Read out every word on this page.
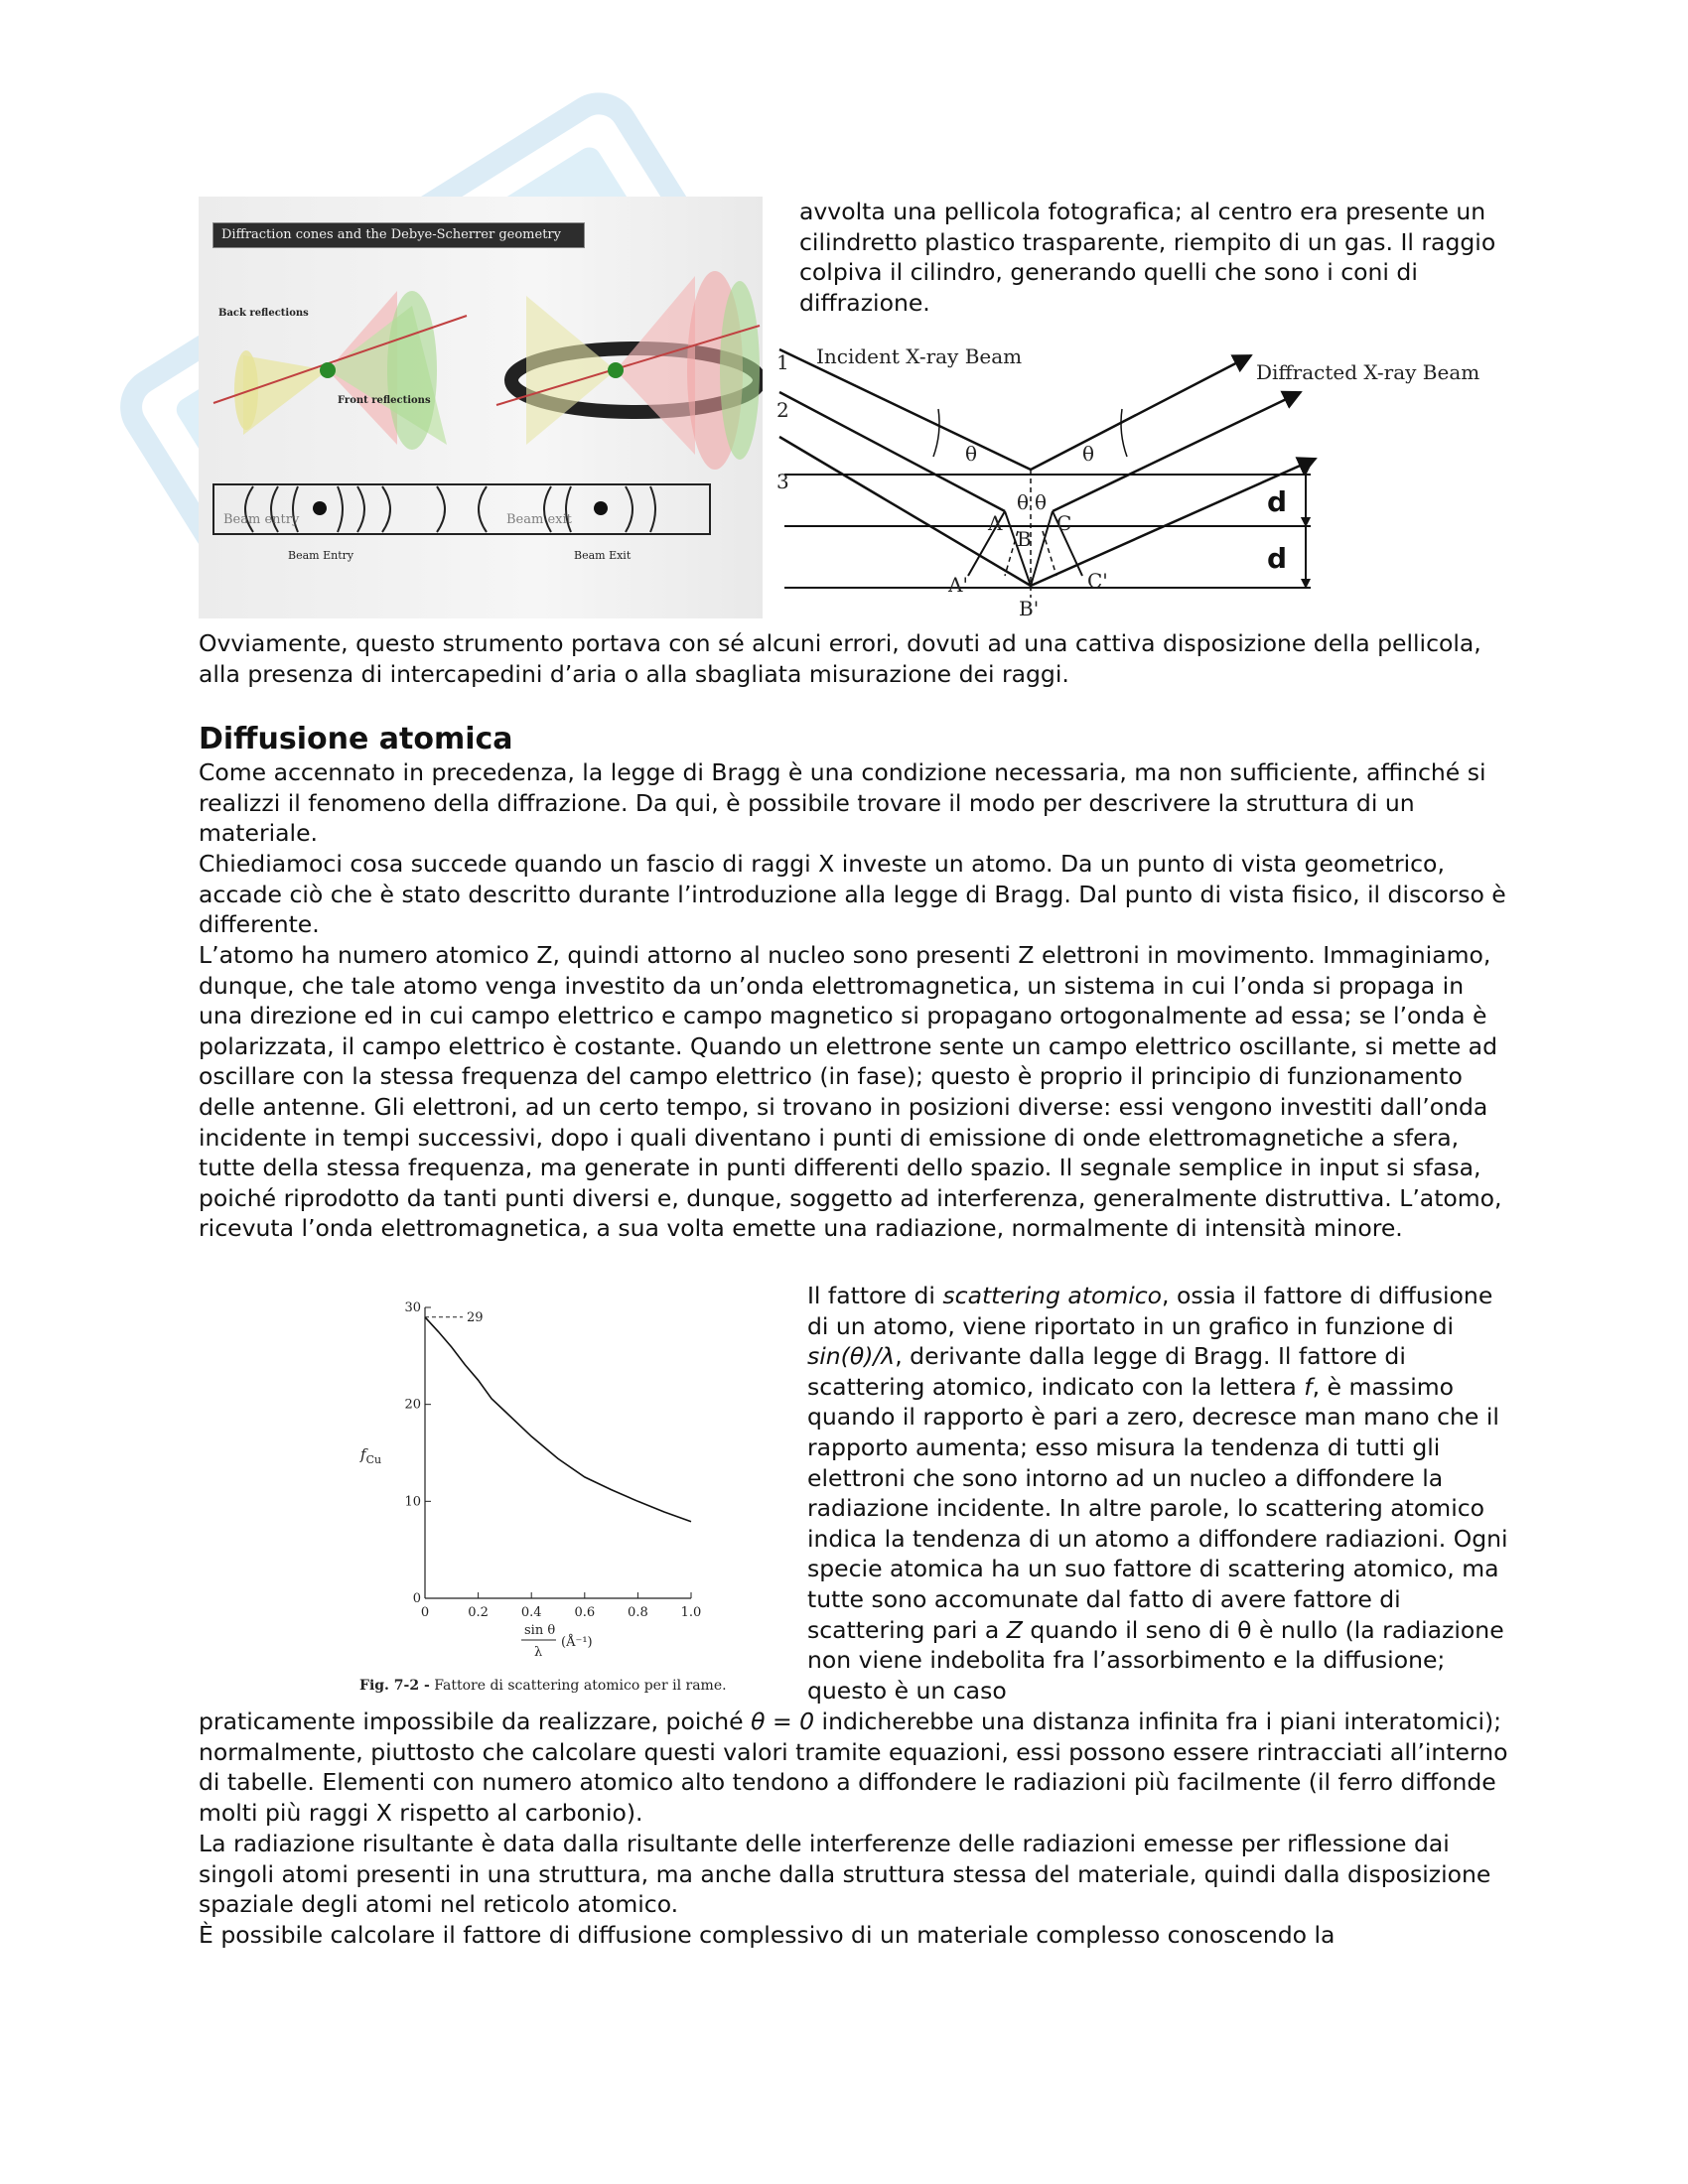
Diffraction cones and the Debye-Scherrer geometry
Back reflections
Front reflections
Beam entry	Beam exit
Beam Entry	Beam Exit

avvolta una pellicola fotografica; al centro era presente un cilindretto plastico trasparente, riempito di un gas. Il raggio colpiva il cilindro, generando quelli che sono i coni di diffrazione.

Incident X-ray Beam
Diffracted X-ray Beam
1
2
3
θ	θ
θ θ
A
B
C
A'
B'
C'
d
d

Ovviamente, questo strumento portava con sé alcuni errori, dovuti ad una cattiva disposizione della pellicola, alla presenza di intercapedini d’aria o alla sbagliata misurazione dei raggi.

Diffusione atomica

Come accennato in precedenza, la legge di Bragg è una condizione necessaria, ma non sufficiente, affinché si realizzi il fenomeno della diffrazione. Da qui, è possibile trovare il modo per descrivere la struttura di un materiale.

Chiediamoci cosa succede quando un fascio di raggi X investe un atomo. Da un punto di vista geometrico, accade ciò che è stato descritto durante l’introduzione alla legge di Bragg. Dal punto di vista fisico, il discorso è differente.

L’atomo ha numero atomico Z, quindi attorno al nucleo sono presenti Z elettroni in movimento. Immaginiamo, dunque, che tale atomo venga investito da un’onda elettromagnetica, un sistema in cui l’onda si propaga in una direzione ed in cui campo elettrico e campo magnetico si propagano ortogonalmente ad essa; se l’onda è polarizzata, il campo elettrico è costante. Quando un elettrone sente un campo elettrico oscillante, si mette ad oscillare con la stessa frequenza del campo elettrico (in fase); questo è proprio il principio di funzionamento delle antenne. Gli elettroni, ad un certo tempo, si trovano in posizioni diverse: essi vengono investiti dall’onda incidente in tempi successivi, dopo i quali diventano i punti di emissione di onde elettromagnetiche a sfera, tutte della stessa frequenza, ma generate in punti differenti dello spazio. Il segnale semplice in input si sfasa, poiché riprodotto da tanti punti diversi e, dunque, soggetto ad interferenza, generalmente distruttiva. L’atomo, ricevuta l’onda elettromagnetica, a sua volta emette una radiazione, normalmente di intensità minore.

0	0.2	0.4	0.6	0.8	1.0
0
10
20
30
29
$f_{Cu}$
sin θ
λ
(Å⁻¹)

Fig. 7-2 - Fattore di scattering atomico per il rame.

Il fattore di scattering atomico, ossia il fattore di diffusione di un atomo, viene riportato in un grafico in funzione di sin(θ)/λ, derivante dalla legge di Bragg. Il fattore di scattering atomico, indicato con la lettera f, è massimo quando il rapporto è pari a zero, decresce man mano che il rapporto aumenta; esso misura la tendenza di tutti gli elettroni che sono intorno ad un nucleo a diffondere la radiazione incidente. In altre parole, lo scattering atomico indica la tendenza di un atomo a diffondere radiazioni. Ogni specie atomica ha un suo fattore di scattering atomico, ma tutte sono accomunate dal fatto di avere fattore di scattering pari a Z quando il seno di θ è nullo (la radiazione non viene indebolita fra l’assorbimento e la diffusione; questo è un caso

praticamente impossibile da realizzare, poiché θ = 0 indicherebbe una distanza infinita fra i piani interatomici); normalmente, piuttosto che calcolare questi valori tramite equazioni, essi possono essere rintracciati all’interno di tabelle. Elementi con numero atomico alto tendono a diffondere le radiazioni più facilmente (il ferro diffonde molti più raggi X rispetto al carbonio).

La radiazione risultante è data dalla risultante delle interferenze delle radiazioni emesse per riflessione dai singoli atomi presenti in una struttura, ma anche dalla struttura stessa del materiale, quindi dalla disposizione spaziale degli atomi nel reticolo atomico.

È possibile calcolare il fattore di diffusione complessivo di un materiale complesso conoscendo la
